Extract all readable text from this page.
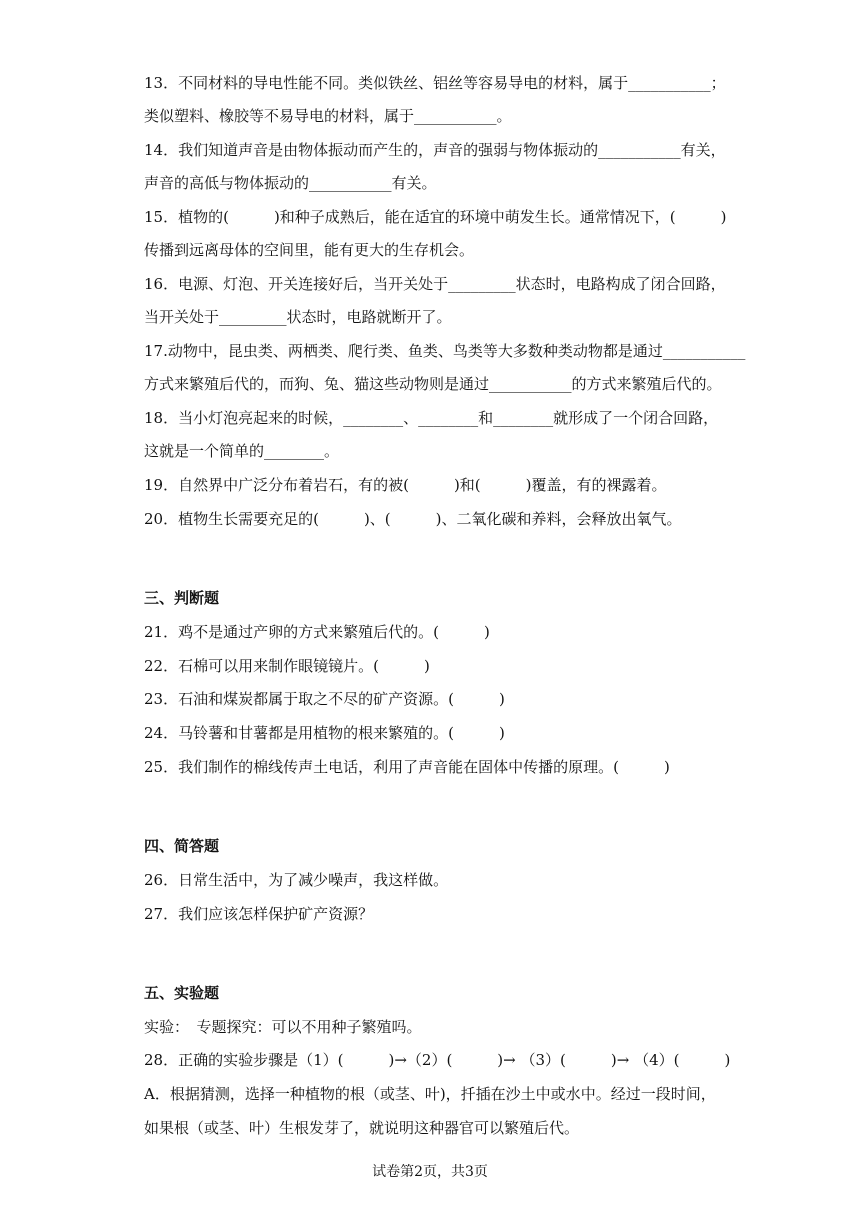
13．不同材料的导电性能不同。类似铁丝、铝丝等容易导电的材料，属于___________；
类似塑料、橡胶等不易导电的材料，属于___________。
14．我们知道声音是由物体振动而产生的，声音的强弱与物体振动的___________有关，
声音的高低与物体振动的___________有关。
15．植物的(　　　)和种子成熟后，能在适宜的环境中萌发生长。通常情况下，(　　　)
传播到远离母体的空间里，能有更大的生存机会。
16．电源、灯泡、开关连接好后，当开关处于_________状态时，电路构成了闭合回路，
当开关处于_________状态时，电路就断开了。
17.动物中，昆虫类、两栖类、爬行类、鱼类、鸟类等大多数种类动物都是通过___________
方式来繁殖后代的，而狗、兔、猫这些动物则是通过___________的方式来繁殖后代的。
18．当小灯泡亮起来的时候，________、________和________就形成了一个闭合回路，
这就是一个简单的________。
19．自然界中广泛分布着岩石，有的被(　　　)和(　　　)覆盖，有的裸露着。
20．植物生长需要充足的(　　　)、(　　　)、二氧化碳和养料，会释放出氧气。
三、判断题
21．鸡不是通过产卵的方式来繁殖后代的。(　　　)
22．石棉可以用来制作眼镜镜片。(　　　)
23．石油和煤炭都属于取之不尽的矿产资源。(　　　)
24．马铃薯和甘薯都是用植物的根来繁殖的。(　　　)
25．我们制作的棉线传声土电话，利用了声音能在固体中传播的原理。(　　　)
四、简答题
26．日常生活中，为了减少噪声，我这样做。
27．我们应该怎样保护矿产资源？
五、实验题
实验：　专题探究：可以不用种子繁殖吗。
28．正确的实验步骤是（1）(　　　)→（2）(　　　)→ （3）(　　　)→ （4）(　　　)
A．根据猜测，选择一种植物的根（或茎、叶)，扦插在沙土中或水中。经过一段时间，
如果根（或茎、叶）生根发芽了，就说明这种器官可以繁殖后代。
试卷第2页，共3页
